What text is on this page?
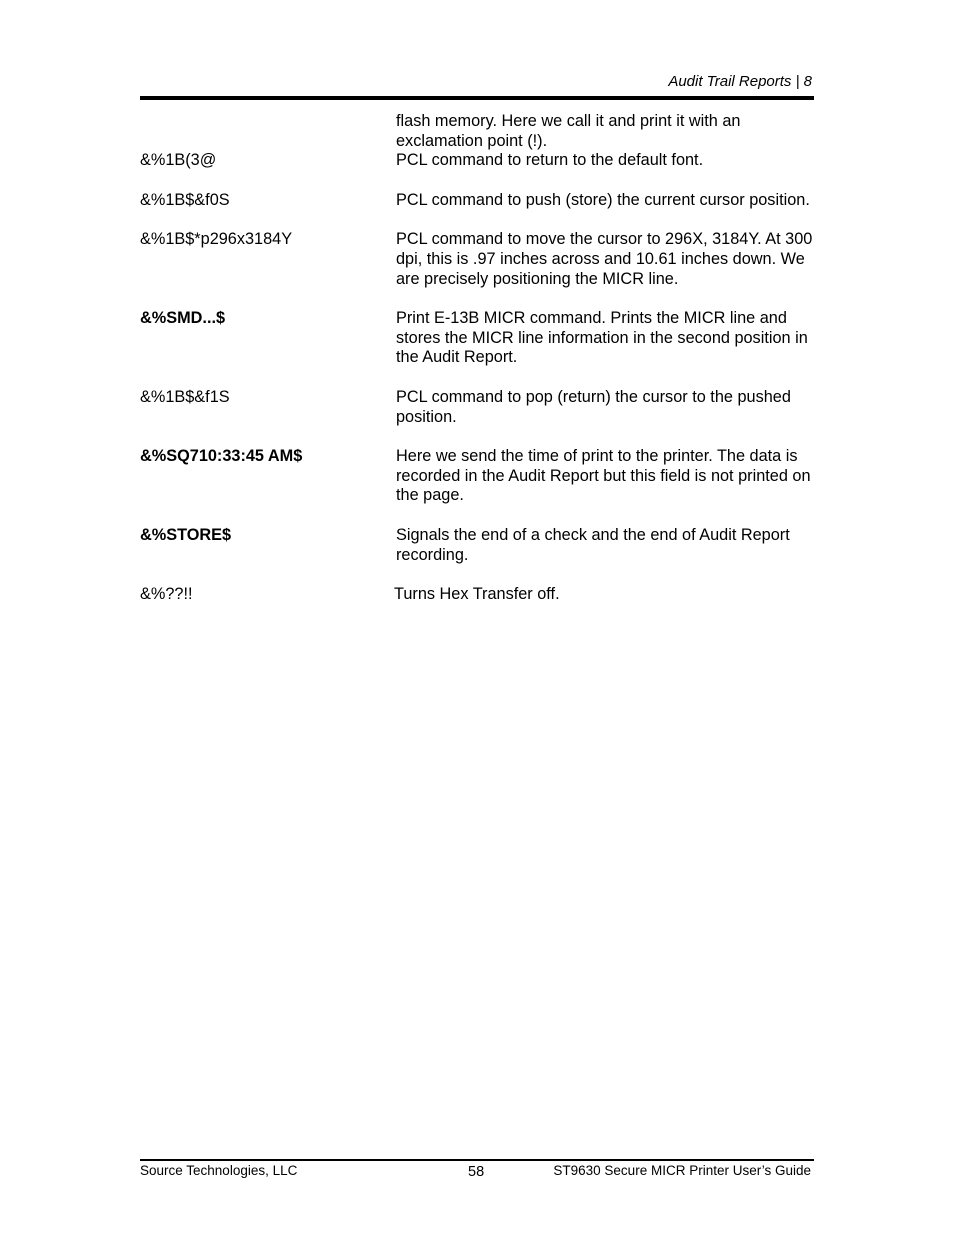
Audit Trail Reports | 8
flash memory. Here we call it and print it with an exclamation point (!).
&%1B(3@	PCL command to return to the default font.
&%1B$&f0S	PCL command to push (store) the current cursor position.
&%1B$*p296x3184Y	PCL command to move the cursor to 296X, 3184Y. At 300 dpi, this is .97 inches across and 10.61 inches down. We are precisely positioning the MICR line.
&%SMD...$	Print E-13B MICR command. Prints the MICR line and stores the MICR line information in the second position in the Audit Report.
&%1B$&f1S	PCL command to pop (return) the cursor to the pushed position.
&%SQ710:33:45 AM$	Here we send the time of print to the printer. The data is recorded in the Audit Report but this field is not printed on the page.
&%STORE$	Signals the end of a check and the end of Audit Report recording.
&%??!!	Turns Hex Transfer off.
Source Technologies, LLC	58	ST9630 Secure MICR Printer User’s Guide
